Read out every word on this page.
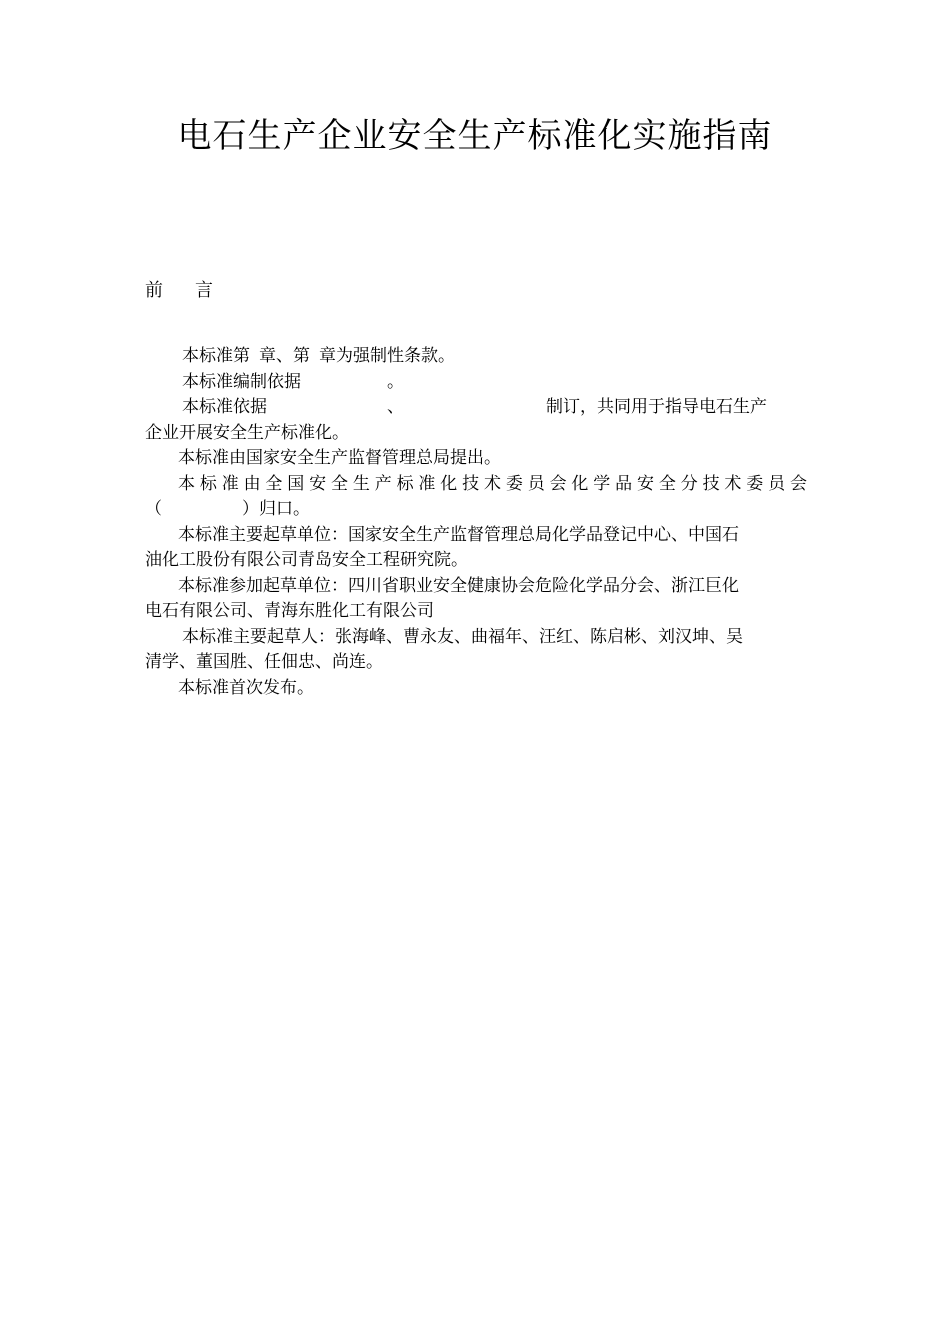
电石生产企业安全生产标准化实施指南
前 言

本标准第 章、第 章为强制性条款。

本标准编制依据	。

本标准依据	、	制订，共同用于指导电石生产
企业开展安全生产标准化。

本标准由国家安全生产监督管理总局提出。

本标准由全国安全生产标准化技术委员会化学品安全分技术委员会
（	）归口。

本标准主要起草单位：国家安全生产监督管理总局化学品登记中心、中国石
油化工股份有限公司青岛安全工程研究院。

本标准参加起草单位：四川省职业安全健康协会危险化学品分会、浙江巨化
电石有限公司、青海东胜化工有限公司

本标准主要起草人：张海峰、曹永友、曲福年、汪红、陈启彬、刘汉坤、吴
清学、董国胜、任佃忠、尚连。

本标准首次发布。
